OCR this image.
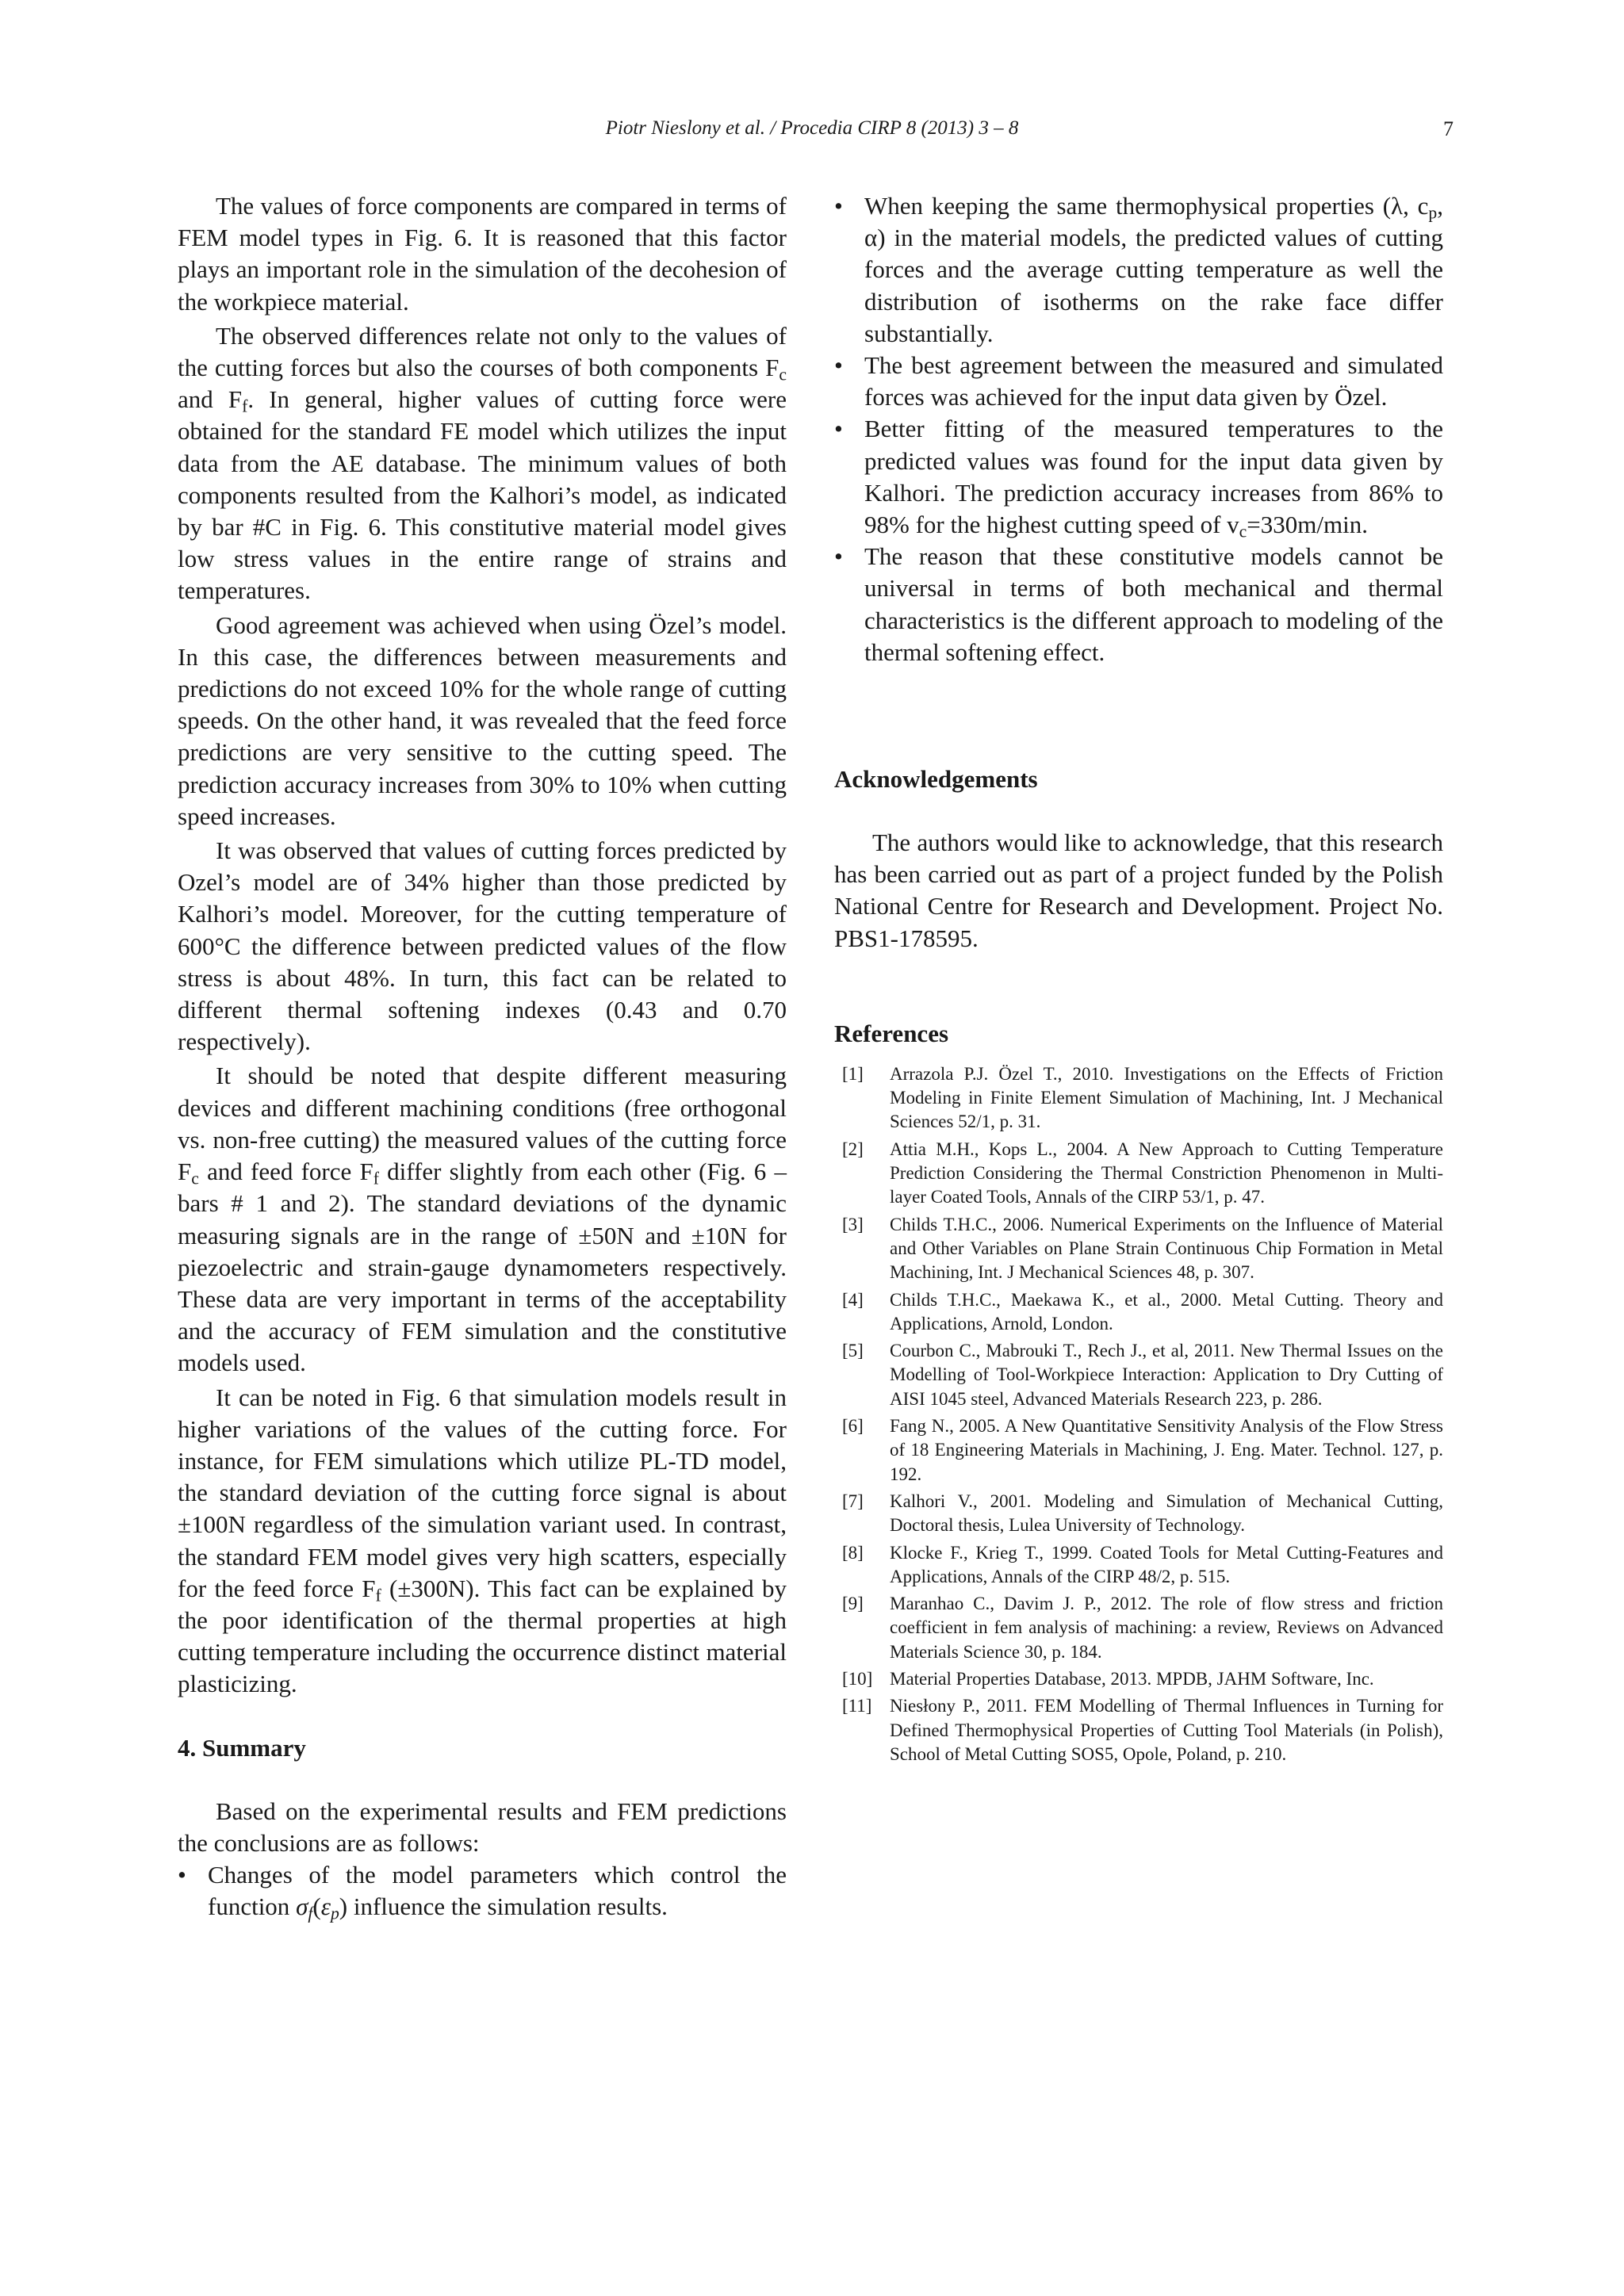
Piotr Nieslony et al. / Procedia CIRP 8 (2013) 3 – 8	7

The values of force components are compared in terms of FEM model types in Fig. 6. It is reasoned that this factor plays an important role in the simulation of the decohesion of the workpiece material.

The observed differences relate not only to the values of the cutting forces but also the courses of both components $F_c$ and $F_f$. In general, higher values of cutting force were obtained for the standard FE model which utilizes the input data from the AE database. The minimum values of both components resulted from the Kalhori’s model, as indicated by bar #C in Fig. 6. This constitutive material model gives low stress values in the entire range of strains and temperatures.

Good agreement was achieved when using Özel’s model. In this case, the differences between measurements and predictions do not exceed 10% for the whole range of cutting speeds. On the other hand, it was revealed that the feed force predictions are very sensitive to the cutting speed. The prediction accuracy increases from 30% to 10% when cutting speed increases.

It was observed that values of cutting forces predicted by Ozel’s model are of 34% higher than those predicted by Kalhori’s model. Moreover, for the cutting temperature of 600°C the difference between predicted values of the flow stress is about 48%. In turn, this fact can be related to different thermal softening indexes (0.43 and 0.70 respectively).

It should be noted that despite different measuring devices and different machining conditions (free orthogonal vs. non-free cutting) the measured values of the cutting force $F_c$ and feed force $F_f$ differ slightly from each other (Fig. 6 – bars # 1 and 2). The standard deviations of the dynamic measuring signals are in the range of ±50N and ±10N for piezoelectric and strain-gauge dynamometers respectively. These data are very important in terms of the acceptability and the accuracy of FEM simulation and the constitutive models used.

It can be noted in Fig. 6 that simulation models result in higher variations of the values of the cutting force. For instance, for FEM simulations which utilize PL-TD model, the standard deviation of the cutting force signal is about ±100N regardless of the simulation variant used. In contrast, the standard FEM model gives very high scatters, especially for the feed force $F_f$ (±300N). This fact can be explained by the poor identification of the thermal properties at high cutting temperature including the occurrence distinct material plasticizing.

4. Summary

Based on the experimental results and FEM predictions the conclusions are as follows:

• Changes of the model parameters which control the function $\sigma_f(\varepsilon_p)$ influence the simulation results.
• When keeping the same thermophysical properties (λ, $c_p$, α) in the material models, the predicted values of cutting forces and the average cutting temperature as well the distribution of isotherms on the rake face differ substantially.
• The best agreement between the measured and simulated forces was achieved for the input data given by Özel.
• Better fitting of the measured temperatures to the predicted values was found for the input data given by Kalhori. The prediction accuracy increases from 86% to 98% for the highest cutting speed of $v_c=330m/\min$.
• The reason that these constitutive models cannot be universal in terms of both mechanical and thermal characteristics is the different approach to modeling of the thermal softening effect.
Acknowledgements

The authors would like to acknowledge, that this research has been carried out as part of a project funded by the Polish National Centre for Research and Development. Project No. PBS1-178595.

References
[1] Arrazola P.J. Özel T., 2010. Investigations on the Effects of Friction Modeling in Finite Element Simulation of Machining, Int. J Mechanical Sciences 52/1, p. 31.
[2] Attia M.H., Kops L., 2004. A New Approach to Cutting Temperature Prediction Considering the Thermal Constriction Phenomenon in Multi-layer Coated Tools, Annals of the CIRP 53/1, p. 47.
[3] Childs T.H.C., 2006. Numerical Experiments on the Influence of Material and Other Variables on Plane Strain Continuous Chip Formation in Metal Machining, Int. J Mechanical Sciences 48, p. 307.
[4] Childs T.H.C., Maekawa K., et al., 2000. Metal Cutting. Theory and Applications, Arnold, London.
[5] Courbon C., Mabrouki T., Rech J., et al, 2011. New Thermal Issues on the Modelling of Tool-Workpiece Interaction: Application to Dry Cutting of AISI 1045 steel, Advanced Materials Research 223, p. 286.
[6] Fang N., 2005. A New Quantitative Sensitivity Analysis of the Flow Stress of 18 Engineering Materials in Machining, J. Eng. Mater. Technol. 127, p. 192.
[7] Kalhori V., 2001. Modeling and Simulation of Mechanical Cutting, Doctoral thesis, Lulea University of Technology.
[8] Klocke F., Krieg T., 1999. Coated Tools for Metal Cutting-Features and Applications, Annals of the CIRP 48/2, p. 515.
[9] Maranhao C., Davim J. P., 2012. The role of flow stress and friction coefficient in fem analysis of machining: a review, Reviews on Advanced Materials Science 30, p. 184.
[10] Material Properties Database, 2013. MPDB, JAHM Software, Inc.
[11] Niesłony P., 2011. FEM Modelling of Thermal Influences in Turning for Defined Thermophysical Properties of Cutting Tool Materials (in Polish), School of Metal Cutting SOS5, Opole, Poland, p. 210.
